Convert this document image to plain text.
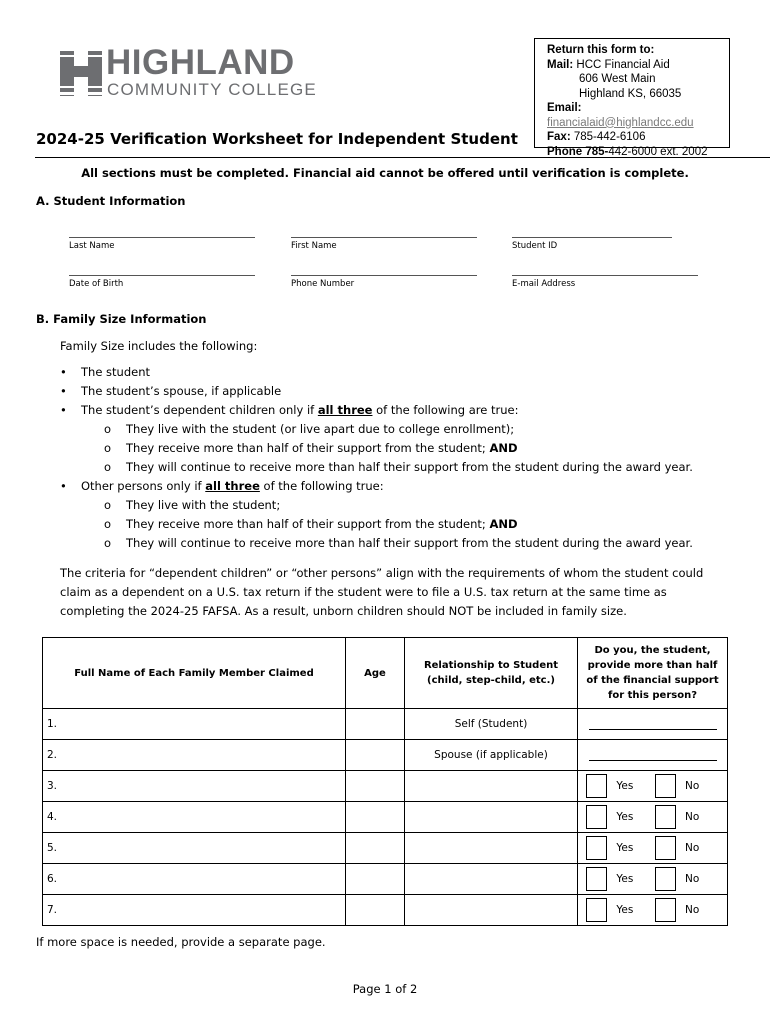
HIGHLAND
COMMUNITY COLLEGE
2024-25 Verification Worksheet for Independent Student
Return this form to:
Mail: HCC Financial Aid
606 West Main
Highland KS, 66035
Email: financialaid@highlandcc.edu
Fax: 785-442-6106
Phone 785-442-6000 ext. 2002
All sections must be completed. Financial aid cannot be offered until verification is complete.
A. Student Information
Last Name	First Name	Student ID
Date of Birth	Phone Number	E-mail Address
B. Family Size Information
Family Size includes the following:
• The student
• The student’s spouse, if applicable
• The student’s dependent children only if all three of the following are true:
o They live with the student (or live apart due to college enrollment);
o They receive more than half of their support from the student; AND
o They will continue to receive more than half their support from the student during the award year.
• Other persons only if all three of the following true:
o They live with the student;
o They receive more than half of their support from the student; AND
o They will continue to receive more than half their support from the student during the award year.
The criteria for “dependent children” or “other persons” align with the requirements of whom the student could claim as a dependent on a U.S. tax return if the student were to file a U.S. tax return at the same time as completing the 2024-25 FAFSA. As a result, unborn children should NOT be included in family size.
Full Name of Each Family Member Claimed	Age	Relationship to Student (child, step-child, etc.)	Do you, the student, provide more than half of the financial support for this person?
1.		Self (Student)	
2.		Spouse (if applicable)	
3.			Yes No
4.			Yes No
5.			Yes No
6.			Yes No
7.			Yes No
If more space is needed, provide a separate page.
Page 1 of 2
